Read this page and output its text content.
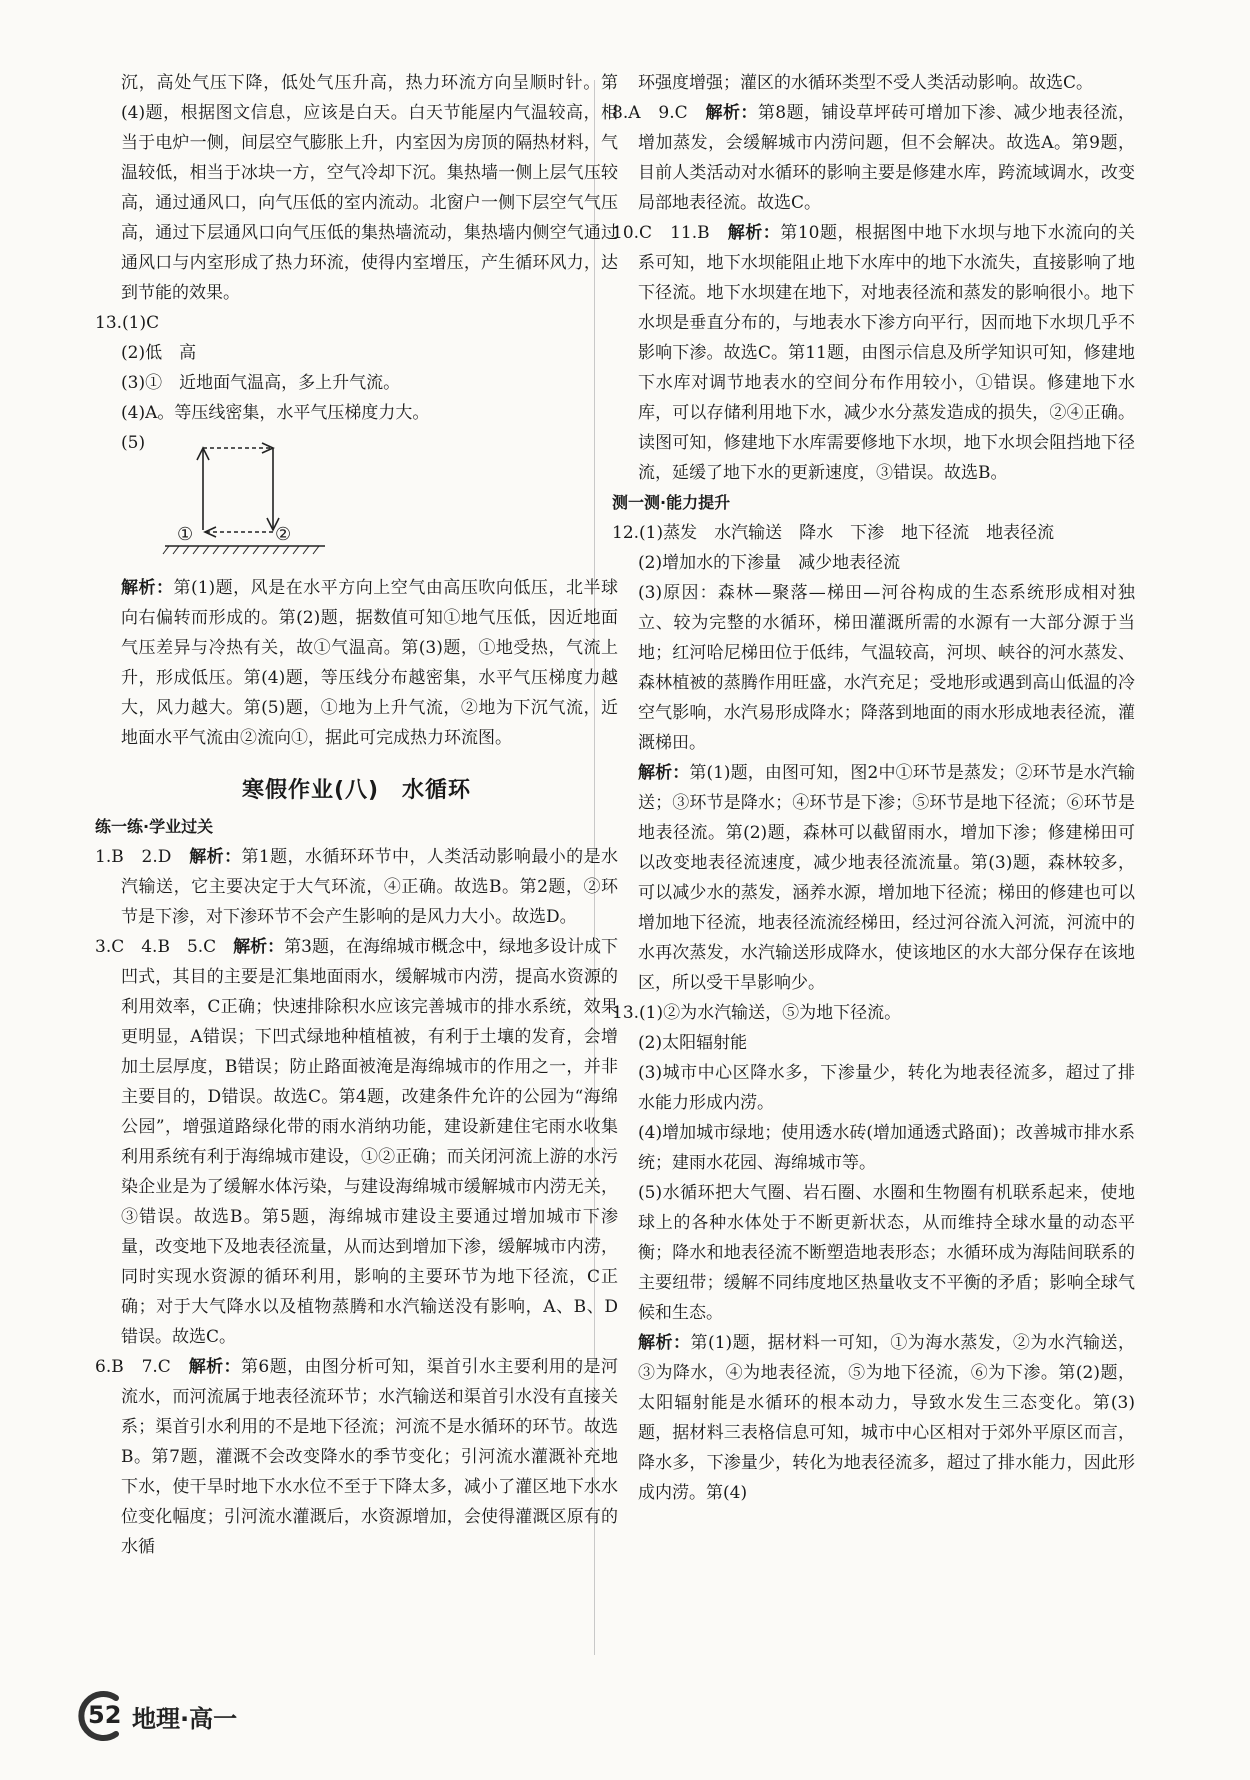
沉，高处气压下降，低处气压升高，热力环流方向呈顺时针。第(4)题，根据图文信息，应该是白天。白天节能屋内气温较高，相当于电炉一侧，间层空气膨胀上升，内室因为房顶的隔热材料，气温较低，相当于冰块一方，空气冷却下沉。集热墙一侧上层气压较高，通过通风口，向气压低的室内流动。北窗户一侧下层空气气压高，通过下层通风口向气压低的集热墙流动，集热墙内侧空气通过通风口与内室形成了热力环流，使得内室增压，产生循环风力，达到节能的效果。

13.(1)C

(2)低　高

(3)①　近地面气温高，多上升气流。

(4)A。等压线密集，水平气压梯度力大。

(5)
①	②

解析：第(1)题，风是在水平方向上空气由高压吹向低压，北半球向右偏转而形成的。第(2)题，据数值可知①地气压低，因近地面气压差异与冷热有关，故①气温高。第(3)题，①地受热，气流上升，形成低压。第(4)题，等压线分布越密集，水平气压梯度力越大，风力越大。第(5)题，①地为上升气流，②地为下沉气流，近地面水平气流由②流向①，据此可完成热力环流图。

寒假作业(八)　水循环

练一练·学业过关

1.B　2.D　解析：第1题，水循环环节中，人类活动影响最小的是水汽输送，它主要决定于大气环流，④正确。故选B。第2题，②环节是下渗，对下渗环节不会产生影响的是风力大小。故选D。

3.C　4.B　5.C　解析：第3题，在海绵城市概念中，绿地多设计成下凹式，其目的主要是汇集地面雨水，缓解城市内涝，提高水资源的利用效率，C正确；快速排除积水应该完善城市的排水系统，效果更明显，A错误；下凹式绿地种植植被，有利于土壤的发育，会增加土层厚度，B错误；防止路面被淹是海绵城市的作用之一，并非主要目的，D错误。故选C。第4题，改建条件允许的公园为“海绵公园”，增强道路绿化带的雨水消纳功能，建设新建住宅雨水收集利用系统有利于海绵城市建设，①②正确；而关闭河流上游的水污染企业是为了缓解水体污染，与建设海绵城市缓解城市内涝无关，③错误。故选B。第5题，海绵城市建设主要通过增加城市下渗量，改变地下及地表径流量，从而达到增加下渗，缓解城市内涝，同时实现水资源的循环利用，影响的主要环节为地下径流，C正确；对于大气降水以及植物蒸腾和水汽输送没有影响，A、B、D错误。故选C。

6.B　7.C　解析：第6题，由图分析可知，渠首引水主要利用的是河流水，而河流属于地表径流环节；水汽输送和渠首引水没有直接关系；渠首引水利用的不是地下径流；河流不是水循环的环节。故选B。第7题，灌溉不会改变降水的季节变化；引河流水灌溉补充地下水，使干旱时地下水水位不至于下降太多，减小了灌区地下水水位变化幅度；引河流水灌溉后，水资源增加，会使得灌溉区原有的水循

环强度增强；灌区的水循环类型不受人类活动影响。故选C。

8.A　9.C　解析：第8题，铺设草坪砖可增加下渗、减少地表径流，增加蒸发，会缓解城市内涝问题，但不会解决。故选A。第9题，目前人类活动对水循环的影响主要是修建水库，跨流域调水，改变局部地表径流。故选C。

10.C　11.B　解析：第10题，根据图中地下水坝与地下水流向的关系可知，地下水坝能阻止地下水库中的地下水流失，直接影响了地下径流。地下水坝建在地下，对地表径流和蒸发的影响很小。地下水坝是垂直分布的，与地表水下渗方向平行，因而地下水坝几乎不影响下渗。故选C。第11题，由图示信息及所学知识可知，修建地下水库对调节地表水的空间分布作用较小，①错误。修建地下水库，可以存储利用地下水，减少水分蒸发造成的损失，②④正确。读图可知，修建地下水库需要修地下水坝，地下水坝会阻挡地下径流，延缓了地下水的更新速度，③错误。故选B。

测一测·能力提升

12.(1)蒸发　水汽输送　降水　下渗　地下径流　地表径流

(2)增加水的下渗量　减少地表径流

(3)原因：森林—聚落—梯田—河谷构成的生态系统形成相对独立、较为完整的水循环，梯田灌溉所需的水源有一大部分源于当地；红河哈尼梯田位于低纬，气温较高，河坝、峡谷的河水蒸发、森林植被的蒸腾作用旺盛，水汽充足；受地形或遇到高山低温的冷空气影响，水汽易形成降水；降落到地面的雨水形成地表径流，灌溉梯田。

解析：第(1)题，由图可知，图2中①环节是蒸发；②环节是水汽输送；③环节是降水；④环节是下渗；⑤环节是地下径流；⑥环节是地表径流。第(2)题，森林可以截留雨水，增加下渗；修建梯田可以改变地表径流速度，减少地表径流流量。第(3)题，森林较多，可以减少水的蒸发，涵养水源，增加地下径流；梯田的修建也可以增加地下径流，地表径流流经梯田，经过河谷流入河流，河流中的水再次蒸发，水汽输送形成降水，使该地区的水大部分保存在该地区，所以受干旱影响少。

13.(1)②为水汽输送，⑤为地下径流。

(2)太阳辐射能

(3)城市中心区降水多，下渗量少，转化为地表径流多，超过了排水能力形成内涝。

(4)增加城市绿地；使用透水砖(增加通透式路面)；改善城市排水系统；建雨水花园、海绵城市等。

(5)水循环把大气圈、岩石圈、水圈和生物圈有机联系起来，使地球上的各种水体处于不断更新状态，从而维持全球水量的动态平衡；降水和地表径流不断塑造地表形态；水循环成为海陆间联系的主要纽带；缓解不同纬度地区热量收支不平衡的矛盾；影响全球气候和生态。

解析：第(1)题，据材料一可知，①为海水蒸发，②为水汽输送，③为降水，④为地表径流，⑤为地下径流，⑥为下渗。第(2)题，太阳辐射能是水循环的根本动力，导致水发生三态变化。第(3)题，据材料三表格信息可知，城市中心区相对于郊外平原区而言，降水多，下渗量少，转化为地表径流多，超过了排水能力，因此形成内涝。第(4)

52 地理·高一
